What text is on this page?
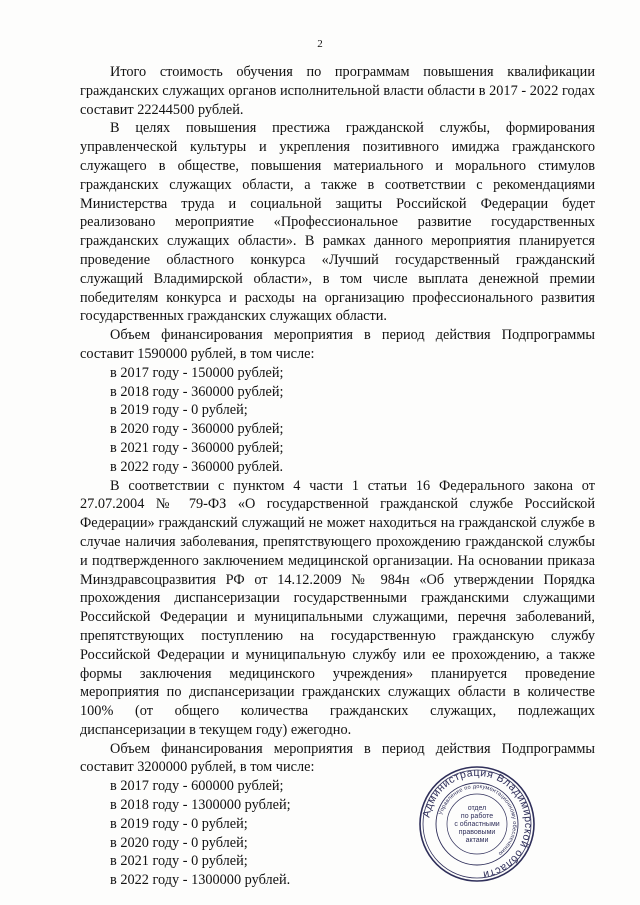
2

Итого стоимость обучения по программам повышения квалификации гражданских служащих органов исполнительной власти области в 2017 - 2022 годах составит 22244500 рублей.

В целях повышения престижа гражданской службы, формирования управленческой культуры и укрепления позитивного имиджа гражданского служащего в обществе, повышения материального и морального стимулов гражданских служащих области, а также в соответствии с рекомендациями Министерства труда и социальной защиты Российской Федерации будет реализовано мероприятие «Профессиональное развитие государственных гражданских служащих области». В рамках данного мероприятия планируется проведение областного конкурса «Лучший государственный гражданский служащий Владимирской области», в том числе выплата денежной премии победителям конкурса и расходы на организацию профессионального развития государственных гражданских служащих области.

Объем финансирования мероприятия в период действия Подпрограммы составит 1590000 рублей, в том числе:

в 2017 году - 150000 рублей;
в 2018 году - 360000 рублей;
в 2019 году - 0 рублей;
в 2020 году - 360000 рублей;
в 2021 году - 360000 рублей;
в 2022 году - 360000 рублей.

В соответствии с пунктом 4 части 1 статьи 16 Федерального закона от 27.07.2004 № 79-ФЗ «О государственной гражданской службе Российской Федерации» гражданский служащий не может находиться на гражданской службе в случае наличия заболевания, препятствующего прохождению гражданской службы и подтвержденного заключением медицинской организации. На основании приказа Минздравсоцразвития РФ от 14.12.2009 № 984н «Об утверждении Порядка прохождения диспансеризации государственными гражданскими служащими Российской Федерации и муниципальными служащими, перечня заболеваний, препятствующих поступлению на государственную гражданскую службу Российской Федерации и муниципальную службу или ее прохождению, а также формы заключения медицинского учреждения» планируется проведение мероприятия по диспансеризации гражданских служащих области в количестве 100% (от общего количества гражданских служащих, подлежащих диспансеризации в текущем году) ежегодно.

Объем финансирования мероприятия в период действия Подпрограммы составит 3200000 рублей, в том числе:

в 2017 году - 600000 рублей;
в 2018 году - 1300000 рублей;
в 2019 году - 0 рублей;
в 2020 году - 0 рублей;
в 2021 году - 0 рублей;
в 2022 году - 1300000 рублей.
Администрация Владимирской области
Управление по документационному обеспечению
отдел
по работе
с областными
правовыми
актами
